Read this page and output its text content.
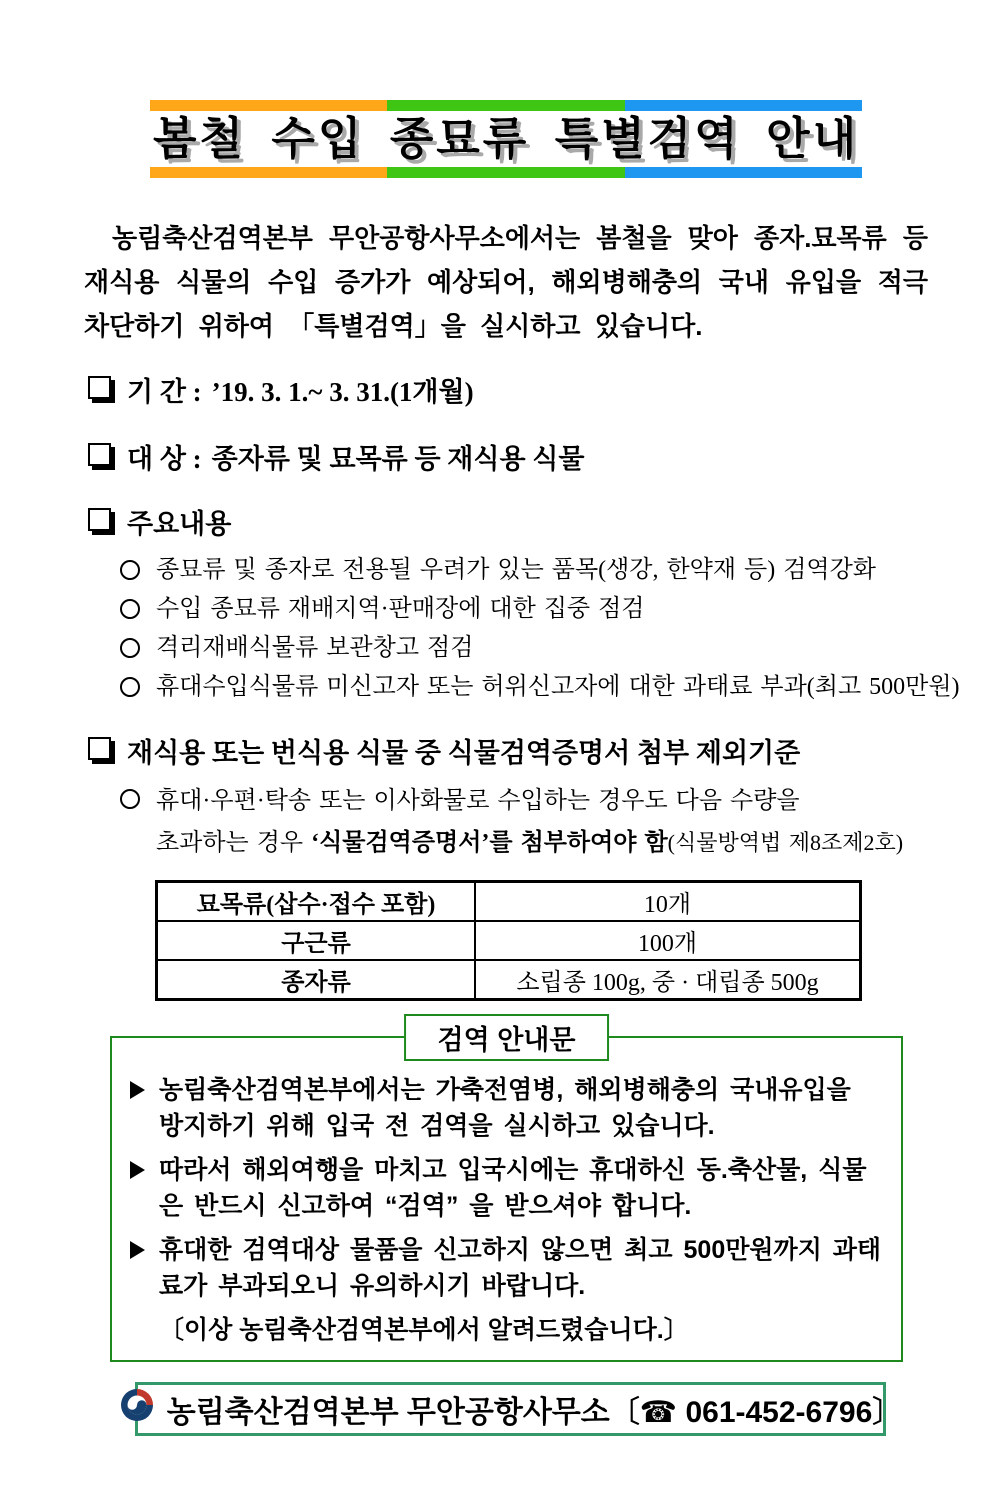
봄철 수입 종묘류 특별검역 안내

농림축산검역본부 무안공항사무소에서는 봄철을 맞아 종자.묘목류 등 재식용 식물의 수입 증가가 예상되어, 해외병해충의 국내 유입을 적극 차단하기 위하여 「특별검역」을 실시하고 있습니다.

기 간 : ’19. 3. 1.~ 3. 31.(1개월)
대 상 : 종자류 및 묘목류 등 재식용 식물
주요내용
종묘류 및 종자로 전용될 우려가 있는 품목(생강, 한약재 등) 검역강화
수입 종묘류 재배지역·판매장에 대한 집중 점검
격리재배식물류 보관창고 점검
휴대수입식물류 미신고자 또는 허위신고자에 대한 과태료 부과(최고 500만원)
재식용 또는 번식용 식물 중 식물검역증명서 첨부 제외기준
휴대·우편·탁송 또는 이사화물로 수입하는 경우도 다음 수량을
초과하는 경우 ‘식물검역증명서’를 첨부하여야 함(식물방역법 제8조제2호)
묘목류(삽수·접수 포함)	10개
구근류	100개
종자류	소립종 100g, 중 · 대립종 500g
검역 안내문
농림축산검역본부에서는 가축전염병, 해외병해충의 국내유입을 방지하기 위해 입국 전 검역을 실시하고 있습니다.
따라서 해외여행을 마치고 입국시에는 휴대하신 동.축산물, 식물은 반드시 신고하여 “검역” 을 받으셔야 합니다.
휴대한 검역대상 물품을 신고하지 않으면 최고 500만원까지 과태료가 부과되오니 유의하시기 바랍니다.
〔이상 농림축산검역본부에서 알려드렸습니다.〕
농림축산검역본부 무안공항사무소〔☎ 061-452-6796〕
